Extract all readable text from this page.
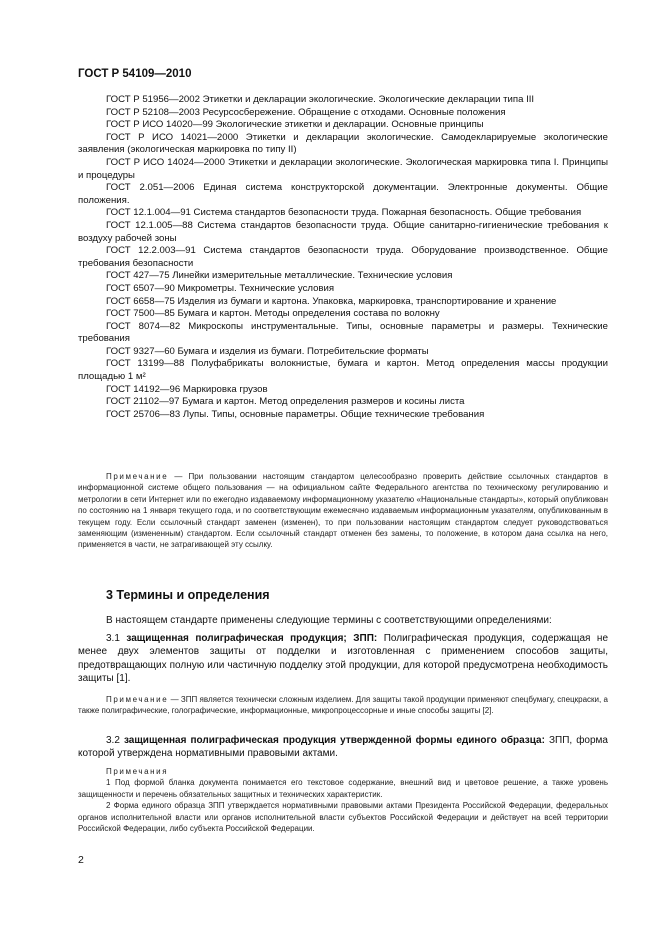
ГОСТ Р 54109—2010

ГОСТ Р 51956—2002 Этикетки и декларации экологические. Экологические декларации типа III

ГОСТ Р 52108—2003 Ресурсосбережение. Обращение с отходами. Основные положения

ГОСТ Р ИСО 14020—99 Экологические этикетки и декларации. Основные принципы

ГОСТ Р ИСО 14021—2000 Этикетки и декларации экологические. Самодекларируемые экологические заявления (экологическая маркировка по типу II)

ГОСТ Р ИСО 14024—2000 Этикетки и декларации экологические. Экологическая маркировка типа I. Принципы и процедуры

ГОСТ 2.051—2006 Единая система конструкторской документации. Электронные документы. Общие положения.

ГОСТ 12.1.004—91 Система стандартов безопасности труда. Пожарная безопасность. Общие требования

ГОСТ 12.1.005—88 Система стандартов безопасности труда. Общие санитарно-гигиенические требования к воздуху рабочей зоны

ГОСТ 12.2.003—91 Система стандартов безопасности труда. Оборудование производственное. Общие требования безопасности

ГОСТ 427—75 Линейки измерительные металлические. Технические условия

ГОСТ 6507—90 Микрометры. Технические условия

ГОСТ 6658—75 Изделия из бумаги и картона. Упаковка, маркировка, транспортирование и хранение

ГОСТ 7500—85 Бумага и картон. Методы определения состава по волокну

ГОСТ 8074—82 Микроскопы инструментальные. Типы, основные параметры и размеры. Технические требования

ГОСТ 9327—60 Бумага и изделия из бумаги. Потребительские форматы

ГОСТ 13199—88 Полуфабрикаты волокнистые, бумага и картон. Метод определения массы продукции площадью 1 м²

ГОСТ 14192—96 Маркировка грузов

ГОСТ 21102—97 Бумага и картон. Метод определения размеров и косины листа

ГОСТ 25706—83 Лупы. Типы, основные параметры. Общие технические требования

Примечание — При пользовании настоящим стандартом целесообразно проверить действие ссылочных стандартов в информационной системе общего пользования — на официальном сайте Федерального агентства по техническому регулированию и метрологии в сети Интернет или по ежегодно издаваемому информационному указателю «Национальные стандарты», который опубликован по состоянию на 1 января текущего года, и по соответствующим ежемесячно издаваемым информационным указателям, опубликованным в текущем году. Если ссылочный стандарт заменен (изменен), то при пользовании настоящим стандартом следует руководствоваться заменяющим (измененным) стандартом. Если ссылочный стандарт отменен без замены, то положение, в котором дана ссылка на него, применяется в части, не затрагивающей эту ссылку.

3 Термины и определения

В настоящем стандарте применены следующие термины с соответствующими определениями:

3.1 защищенная полиграфическая продукция; ЗПП: Полиграфическая продукция, содержащая не менее двух элементов защиты от подделки и изготовленная с применением способов защиты, предотвращающих полную или частичную подделку этой продукции, для которой предусмотрена необходимость защиты [1].

Примечание — ЗПП является технически сложным изделием. Для защиты такой продукции применяют спецбумагу, спецкраски, а также полиграфические, голографические, информационные, микропроцессорные и иные способы защиты [2].

3.2 защищенная полиграфическая продукция утвержденной формы единого образца: ЗПП, форма которой утверждена нормативными правовыми актами.

Примечания

1 Под формой бланка документа понимается его текстовое содержание, внешний вид и цветовое решение, а также уровень защищенности и перечень обязательных защитных и технических характеристик.

2 Форма единого образца ЗПП утверждается нормативными правовыми актами Президента Российской Федерации, федеральных органов исполнительной власти или органов исполнительной власти субъектов Российской Федерации и действует на всей территории Российской Федерации, либо субъекта Российской Федерации.

2
